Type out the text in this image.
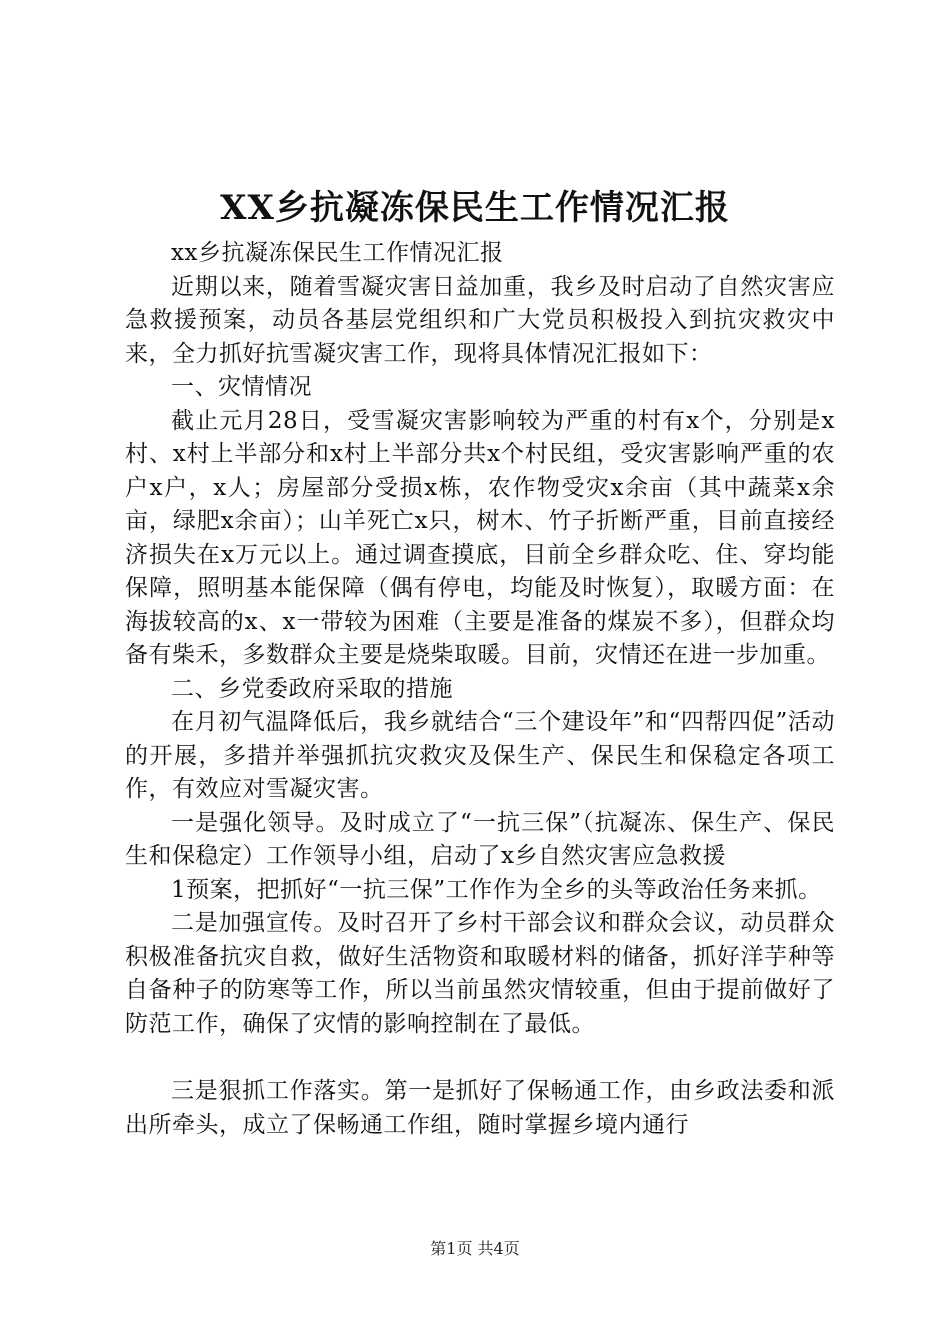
XX乡抗凝冻保民生工作情况汇报

xx乡抗凝冻保民生工作情况汇报

近期以来，随着雪凝灾害日益加重，我乡及时启动了自然灾害应急救援预案，动员各基层党组织和广大党员积极投入到抗灾救灾中来，全力抓好抗雪凝灾害工作，现将具体情况汇报如下：

一、灾情情况

截止元月28日，受雪凝灾害影响较为严重的村有x个，分别是x村、x村上半部分和x村上半部分共x个村民组，受灾害影响严重的农户x户，x人；房屋部分受损x栋，农作物受灾x余亩（其中蔬菜x余亩，绿肥x余亩）；山羊死亡x只，树木、竹子折断严重，目前直接经济损失在x万元以上。通过调查摸底，目前全乡群众吃、住、穿均能保障，照明基本能保障（偶有停电，均能及时恢复），取暖方面：在海拔较高的x、x一带较为困难（主要是准备的煤炭不多），但群众均备有柴禾，多数群众主要是烧柴取暖。目前，灾情还在进一步加重。

二、乡党委政府采取的措施

在月初气温降低后，我乡就结合“三个建设年”和“四帮四促”活动的开展，多措并举强抓抗灾救灾及保生产、保民生和保稳定各项工作，有效应对雪凝灾害。

一是强化领导。及时成立了“一抗三保”（抗凝冻、保生产、保民生和保稳定）工作领导小组，启动了x乡自然灾害应急救援

1预案，把抓好“一抗三保”工作作为全乡的头等政治任务来抓。

二是加强宣传。及时召开了乡村干部会议和群众会议，动员群众积极准备抗灾自救，做好生活物资和取暖材料的储备，抓好洋芋种等自备种子的防寒等工作，所以当前虽然灾情较重，但由于提前做好了防范工作，确保了灾情的影响控制在了最低。

三是狠抓工作落实。第一是抓好了保畅通工作，由乡政法委和派出所牵头，成立了保畅通工作组，随时掌握乡境内通行

第1页 共4页
